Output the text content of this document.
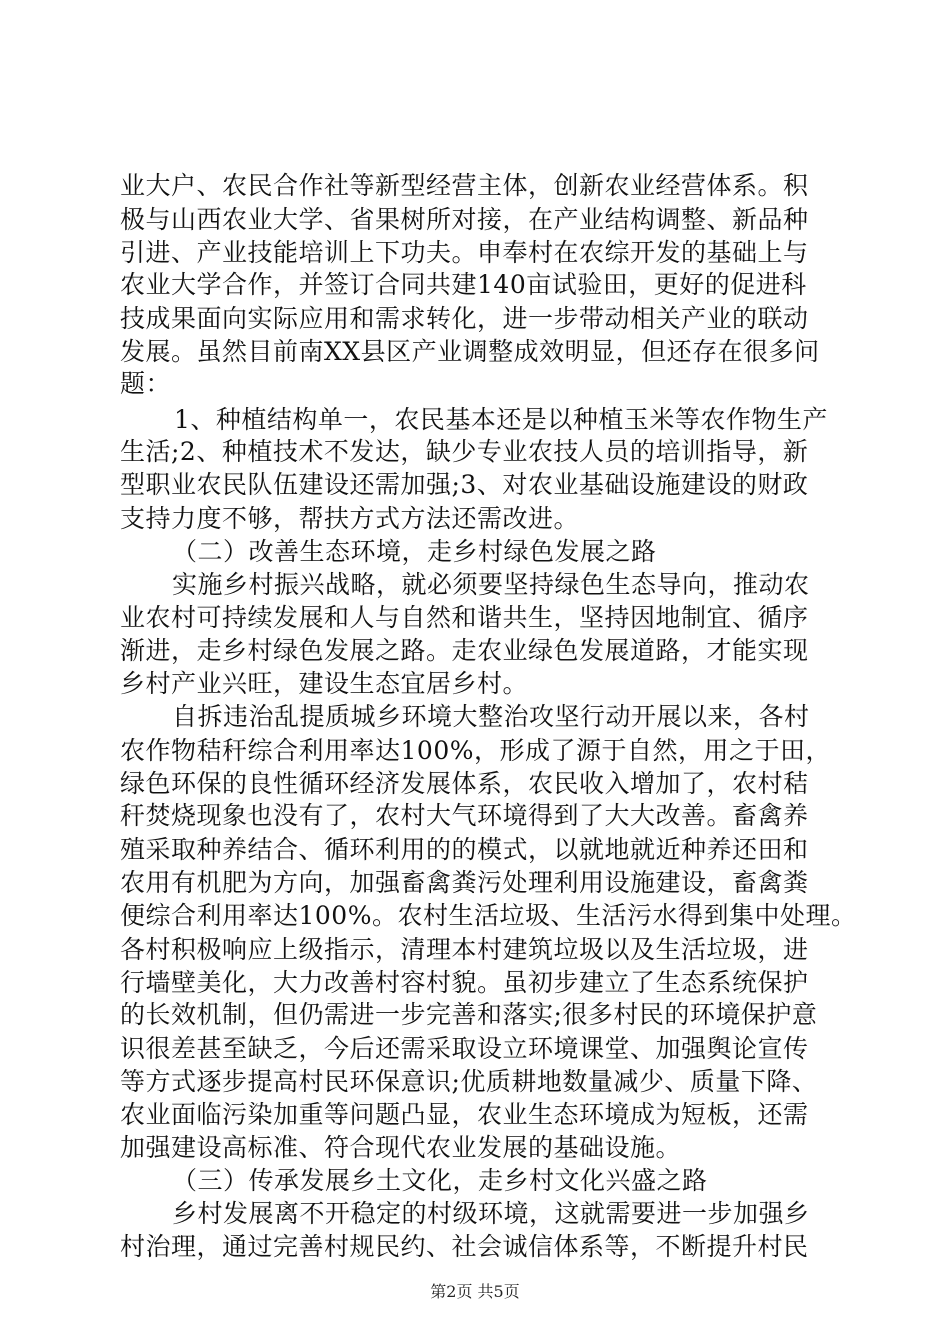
业大户、农民合作社等新型经营主体，创新农业经营体系。积
极与山西农业大学、省果树所对接，在产业结构调整、新品种
引进、产业技能培训上下功夫。申奉村在农综开发的基础上与
农业大学合作，并签订合同共建140亩试验田，更好的促进科
技成果面向实际应用和需求转化，进一步带动相关产业的联动
发展。虽然目前南XX县区产业调整成效明显，但还存在很多问
题：
1、种植结构单一，农民基本还是以种植玉米等农作物生产
生活;2、种植技术不发达，缺少专业农技人员的培训指导，新
型职业农民队伍建设还需加强;3、对农业基础设施建设的财政
支持力度不够，帮扶方式方法还需改进。
（二）改善生态环境，走乡村绿色发展之路
实施乡村振兴战略，就必须要坚持绿色生态导向，推动农
业农村可持续发展和人与自然和谐共生，坚持因地制宜、循序
渐进，走乡村绿色发展之路。走农业绿色发展道路，才能实现
乡村产业兴旺，建设生态宜居乡村。
自拆违治乱提质城乡环境大整治攻坚行动开展以来，各村
农作物秸秆综合利用率达100%，形成了源于自然，用之于田，
绿色环保的良性循环经济发展体系，农民收入增加了，农村秸
秆焚烧现象也没有了，农村大气环境得到了大大改善。畜禽养
殖采取种养结合、循环利用的的模式，以就地就近种养还田和
农用有机肥为方向，加强畜禽粪污处理利用设施建设，畜禽粪
便综合利用率达100%。农村生活垃圾、生活污水得到集中处理。
各村积极响应上级指示，清理本村建筑垃圾以及生活垃圾，进
行墙壁美化，大力改善村容村貌。虽初步建立了生态系统保护
的长效机制，但仍需进一步完善和落实;很多村民的环境保护意
识很差甚至缺乏，今后还需采取设立环境课堂、加强舆论宣传
等方式逐步提高村民环保意识;优质耕地数量减少、质量下降、
农业面临污染加重等问题凸显，农业生态环境成为短板，还需
加强建设高标准、符合现代农业发展的基础设施。
（三）传承发展乡土文化，走乡村文化兴盛之路
乡村发展离不开稳定的村级环境，这就需要进一步加强乡
村治理，通过完善村规民约、社会诚信体系等，不断提升村民
第2页 共5页
